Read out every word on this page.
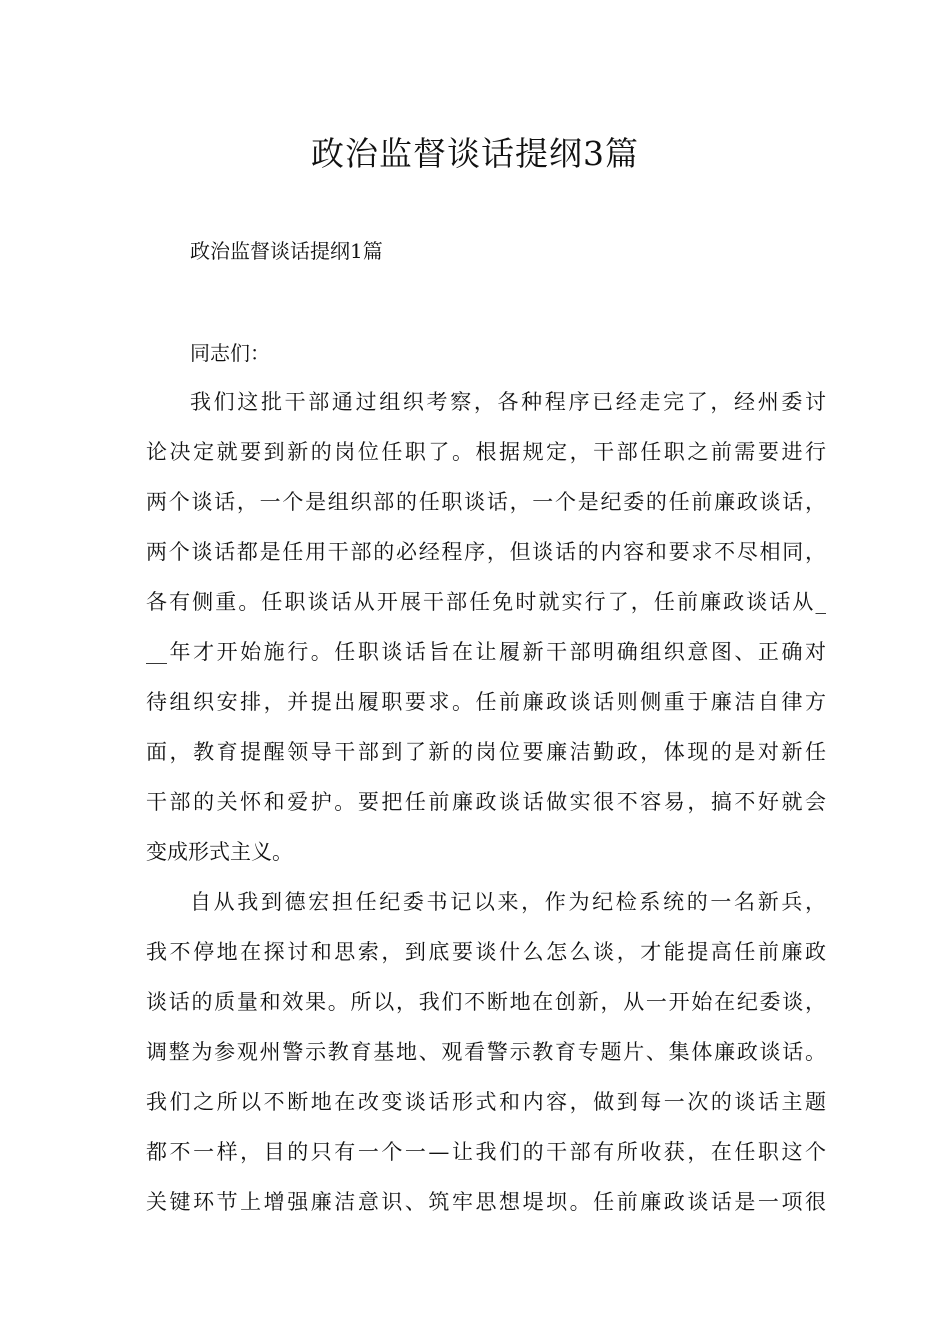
政治监督谈话提纲3篇

政治监督谈话提纲1篇

同志们：

我们这批干部通过组织考察，各种程序已经走完了，经州委讨
论决定就要到新的岗位任职了。根据规定，干部任职之前需要进行
两个谈话，一个是组织部的任职谈话，一个是纪委的任前廉政谈话，
两个谈话都是任用干部的必经程序，但谈话的内容和要求不尽相同，
各有侧重。任职谈话从开展干部任免时就实行了，任前廉政谈话从_
__年才开始施行。任职谈话旨在让履新干部明确组织意图、正确对
待组织安排，并提出履职要求。任前廉政谈话则侧重于廉洁自律方
面，教育提醒领导干部到了新的岗位要廉洁勤政，体现的是对新任
干部的关怀和爱护。要把任前廉政谈话做实很不容易，搞不好就会
变成形式主义。
自从我到德宏担任纪委书记以来，作为纪检系统的一名新兵，
我不停地在探讨和思索，到底要谈什么怎么谈，才能提高任前廉政
谈话的质量和效果。所以，我们不断地在创新，从一开始在纪委谈，
调整为参观州警示教育基地、观看警示教育专题片、集体廉政谈话。
我们之所以不断地在改变谈话形式和内容，做到每一次的谈话主题
都不一样，目的只有一个一—让我们的干部有所收获，在任职这个
关键环节上增强廉洁意识、筑牢思想堤坝。任前廉政谈话是一项很
